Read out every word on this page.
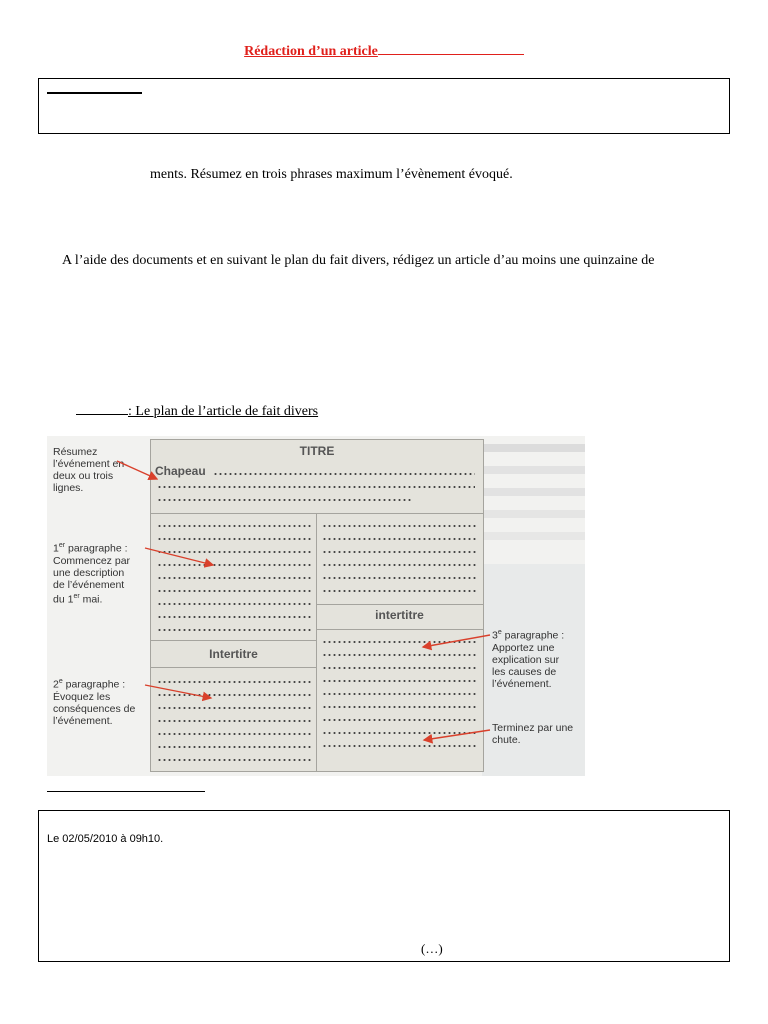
Rédaction d’un article
ments. Résumez en trois phrases maximum l’évènement évoqué.
A l’aide des documents et en suivant le plan du fait divers, rédigez un article d’au moins une quinzaine de
: Le plan de l’article de fait divers
TITRE
Chapeau
Intertitre
intertitre
Résumez
l’événement en
deux ou trois
lignes.
1er paragraphe :
Commencez par
une description
de l’événement
du 1er mai.
2e paragraphe :
Évoquez les
conséquences de
l’événement.
3e paragraphe :
Apportez une
explication sur
les causes de
l’événement.
Terminez par une
chute.
Le 02/05/2010 à 09h10.
(…)
